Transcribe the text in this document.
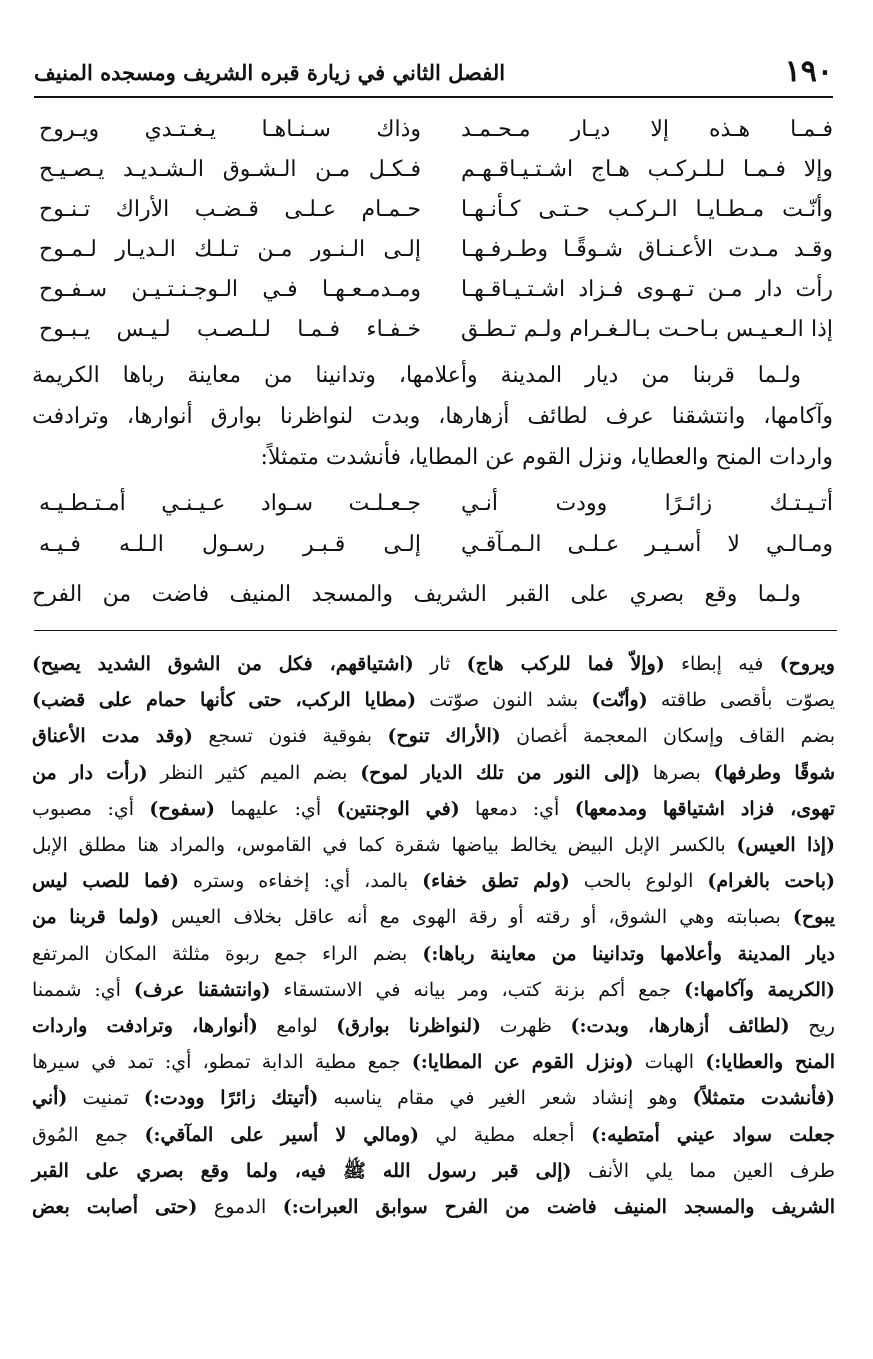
١٩٠
الفصل الثاني في زيارة قبره الشريف ومسجده المنيف
فـمـا هـذه إلا ديـار مـحـمـد
وذاك سـنـاهـا يـغـتـدي ويـروح
وإلا فـمـا لـلـركـب هـاج اشـتـيـاقـهـم
فـكـل مـن الـشـوق الـشـديـد يـصـيـح
وأنّـت مـطـايـا الـركـب حـتـى كـأنـهـا
حـمـام عـلـى قـضـب الأراك تـنـوح
وقـد مـدت الأعـنـاق شـوقًـا وطـرفـهـا
إلـى الـنـور مـن تـلـك الـديـار لـمـوح
رأت دار مـن تـهـوى فـزاد اشـتـيـاقـهـا
ومـدمـعـهـا فـي الـوجـنـتـيـن سـفـوح
إذا الـعـيـس بـاحـت بـالـغـرام ولـم تـطـق
خـفـاء فـمـا لـلـصـب لـيـس يـبـوح
ولـما قربنا من ديار المدينة وأعلامها، وتدانينا من معاينة رباها الكريمة
وآكامها، وانتشقنا عرف لطائف أزهارها، وبدت لنواظرنا بوارق أنوارها، وترادفت
واردات المنح والعطايا، ونزل القوم عن المطايا، فأنشدت متمثلاً:
أتـيـتـك زائـرًا وودت أنـي
جـعـلـت سـواد عـيـنـي أمـتـطـيـه
ومـالـي لا أسـيـر عـلـى الـمـآقـي
إلـى قـبـر رسـول الـلـه فـيـه
ولـما وقع بصري على القبر الشريف والمسجد المنيف فاضت من الفرح
ويروح) فيه إبطاء (وإلاّ فما للركب هاج) ثار (اشتياقهم، فكل من الشوق الشديد يصيح)
يصوّت بأقصى طاقته (وأنّت) بشد النون صوّتت (مطايا الركب، حتى كأنها حمام على قضب)
بضم القاف وإسكان المعجمة أغصان (الأراك تنوح) بفوقية فنون تسجع (وقد مدت الأعناق
شوقًا وطرفها) بصرها (إلى النور من تلك الديار لموح) بضم الميم كثير النظر (رأت دار من
تهوى، فزاد اشتياقها ومدمعها) أي: دمعها (في الوجنتين) أي: عليهما (سفوح) أي: مصبوب
(إذا العيس) بالكسر الإبل البيض يخالط بياضها شقرة كما في القاموس، والمراد هنا مطلق الإبل
(باحت بالغرام) الولوع بالحب (ولم تطق خفاء) بالمد، أي: إخفاءه وستره (فما للصب ليس
يبوح) بصبابته وهي الشوق، أو رقته أو رقة الهوى مع أنه عاقل بخلاف العيس (ولما قربنا من
ديار المدينة وأعلامها وتدانينا من معاينة رباها:) بضم الراء جمع ربوة مثلثة المكان المرتفع
(الكريمة وآكامها:) جمع أكم بزنة كتب، ومر بيانه في الاستسقاء (وانتشقنا عرف) أي: شممنا
ريح (لطائف أزهارها، وبدت:) ظهرت (لنواظرنا بوارق) لوامع (أنوارها، وترادفت واردات
المنح والعطايا:) الهبات (ونزل القوم عن المطايا:) جمع مطية الدابة تمطو، أي: تمد في سيرها
(فأنشدت متمثلاً) وهو إنشاد شعر الغير في مقام يناسبه (أتيتك زائرًا وودت:) تمنيت (أني
جعلت سواد عيني أمتطيه:) أجعله مطية لي (ومالي لا أسير على المآقي:) جمع المُوق
طرف العين مما يلي الأنف (إلى قبر رسول الله ﷺ فيه، ولما وقع بصري على القبر
الشريف والمسجد المنيف فاضت من الفرح سوابق العبرات:) الدموع (حتى أصابت بعض
